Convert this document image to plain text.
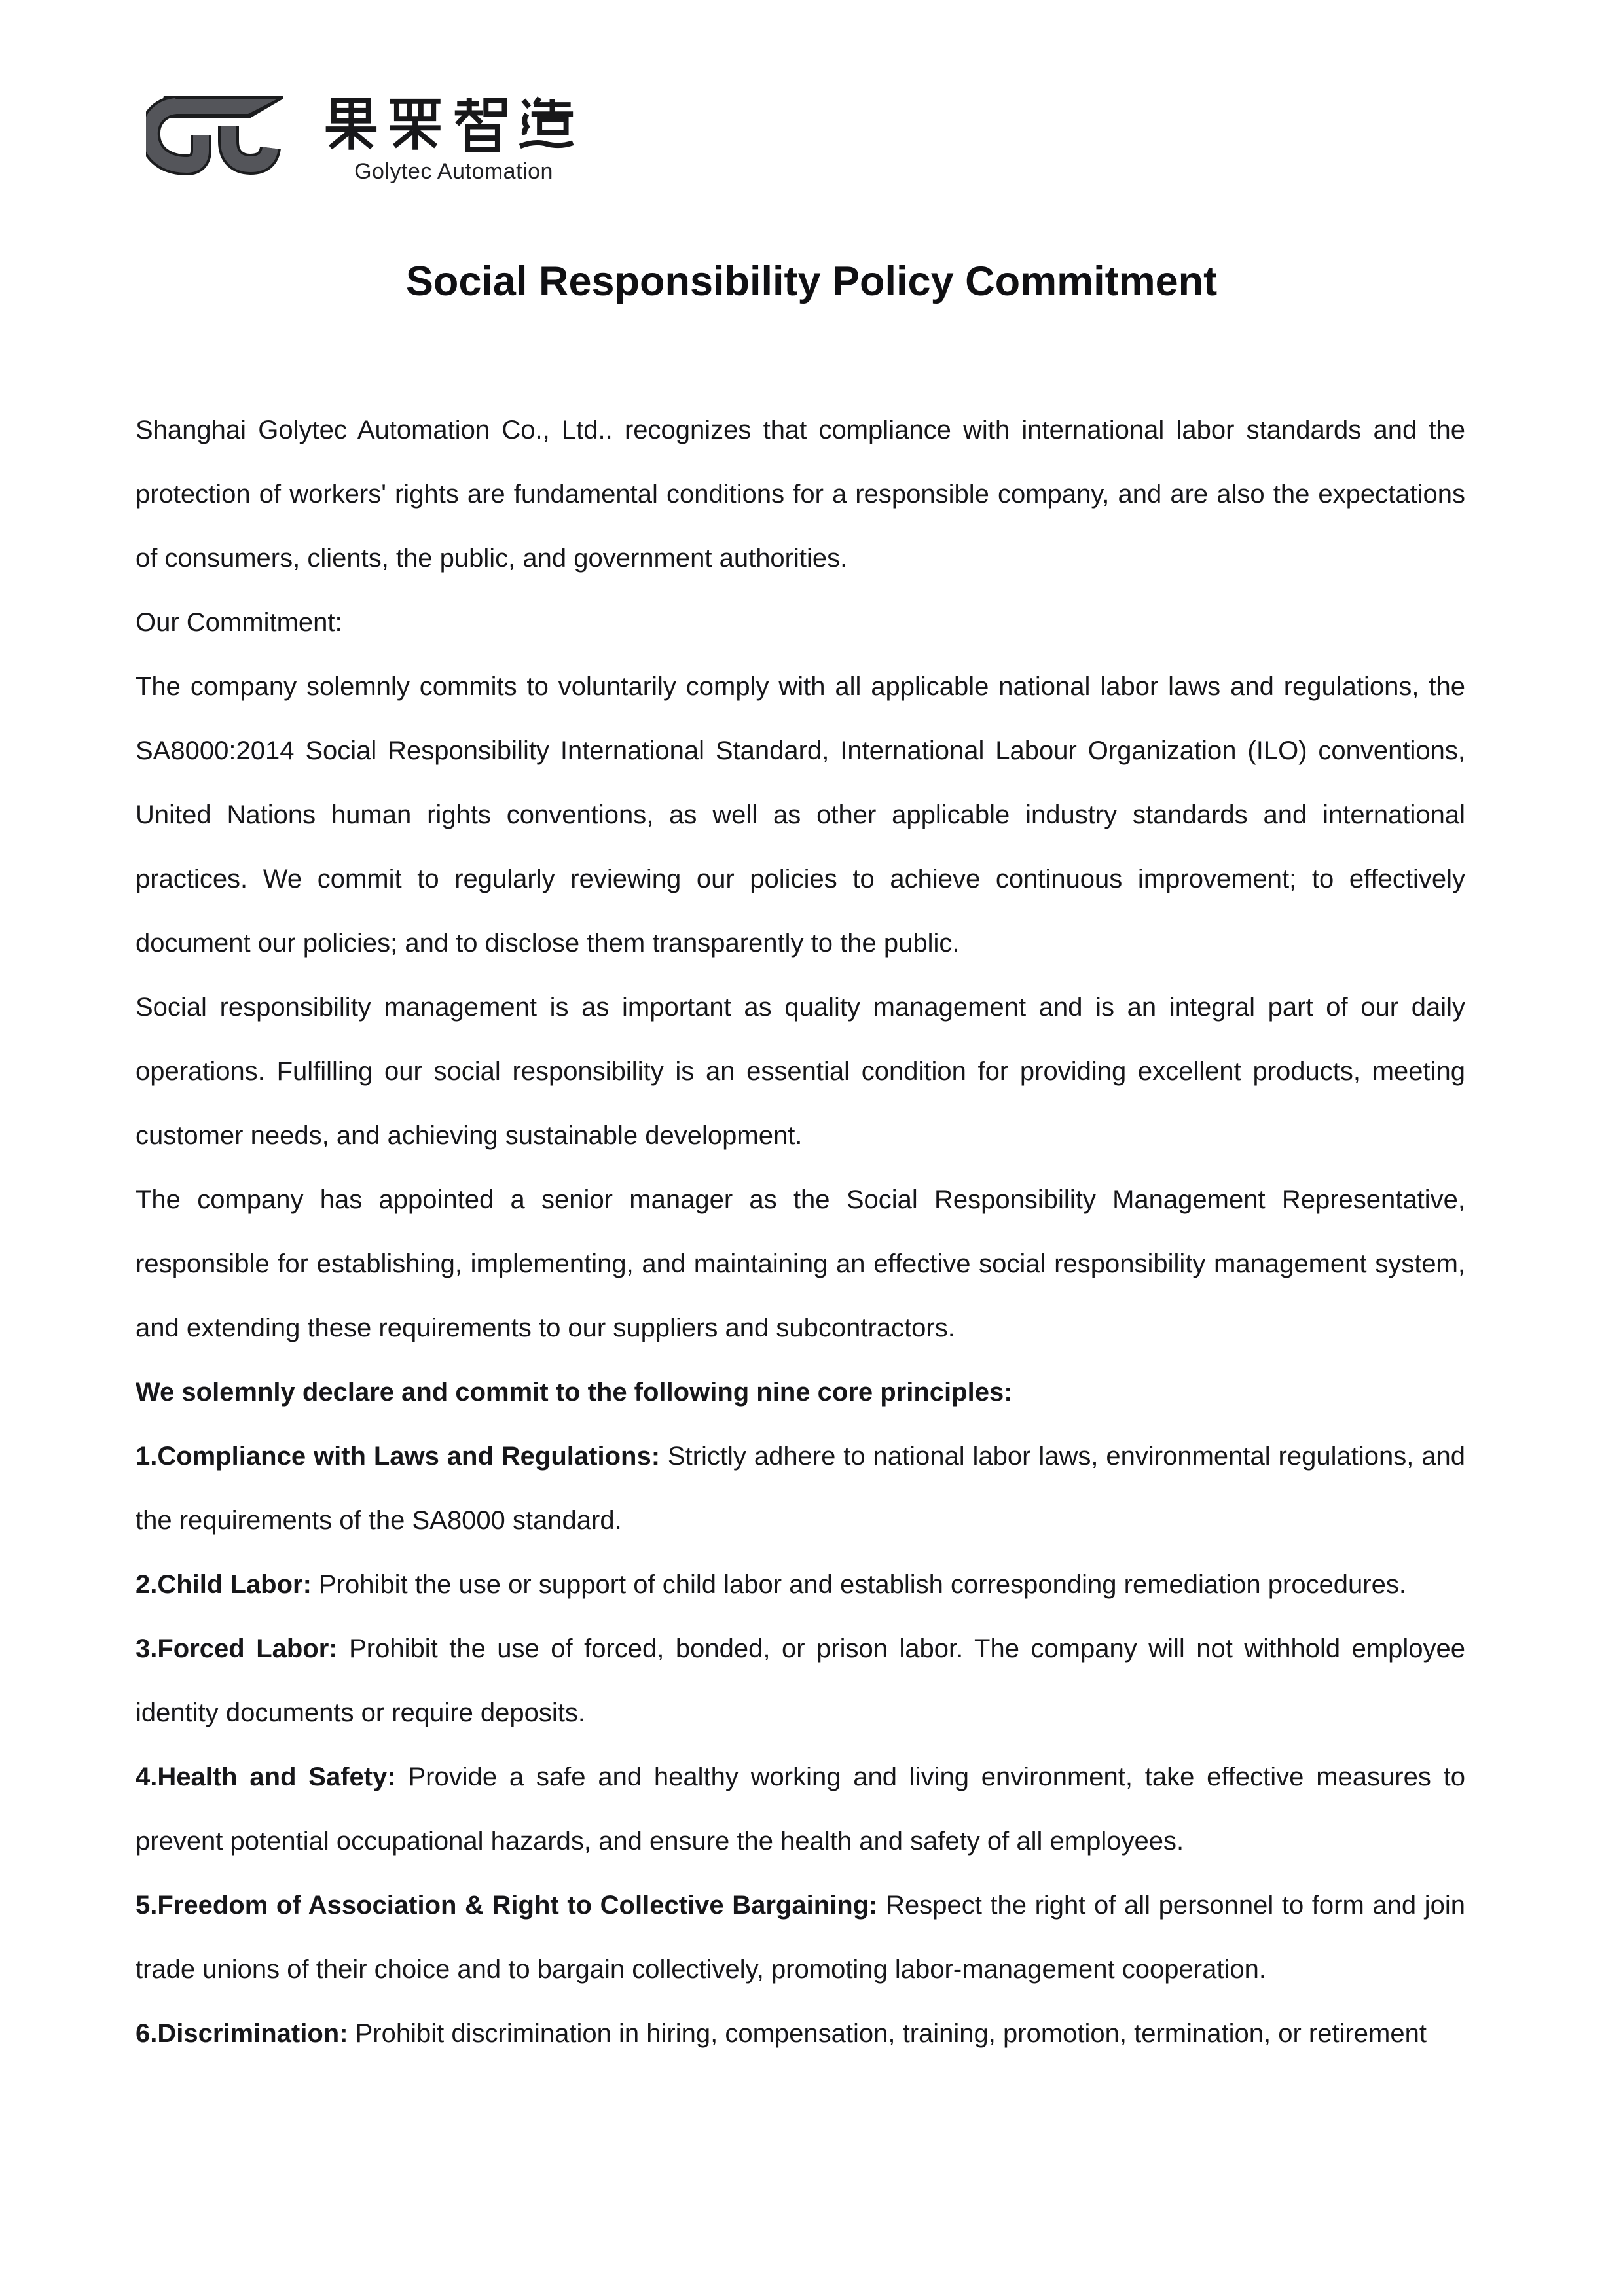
Golytec Automation
Social Responsibility Policy Commitment

Shanghai Golytec Automation Co., Ltd.. recognizes that compliance with international labor standards and the protection of workers' rights are fundamental conditions for a responsible company, and are also the expectations of consumers, clients, the public, and government authorities.

Our Commitment:

The company solemnly commits to voluntarily comply with all applicable national labor laws and regulations, the SA8000:2014 Social Responsibility International Standard, International Labour Organization (ILO) conventions, United Nations human rights conventions, as well as other applicable industry standards and international practices. We commit to regularly reviewing our policies to achieve continuous improvement; to effectively document our policies; and to disclose them transparently to the public.

Social responsibility management is as important as quality management and is an integral part of our daily operations. Fulfilling our social responsibility is an essential condition for providing excellent products, meeting customer needs, and achieving sustainable development.

The company has appointed a senior manager as the Social Responsibility Management Representative, responsible for establishing, implementing, and maintaining an effective social responsibility management system, and extending these requirements to our suppliers and subcontractors.

We solemnly declare and commit to the following nine core principles:

1.Compliance with Laws and Regulations: Strictly adhere to national labor laws, environmental regulations, and the requirements of the SA8000 standard.

2.Child Labor: Prohibit the use or support of child labor and establish corresponding remediation procedures.

3.Forced Labor: Prohibit the use of forced, bonded, or prison labor. The company will not withhold employee identity documents or require deposits.

4.Health and Safety: Provide a safe and healthy working and living environment, take effective measures to prevent potential occupational hazards, and ensure the health and safety of all employees.

5.Freedom of Association & Right to Collective Bargaining: Respect the right of all personnel to form and join trade unions of their choice and to bargain collectively, promoting labor-management cooperation.

6.Discrimination: Prohibit discrimination in hiring, compensation, training, promotion, termination, or retirement
